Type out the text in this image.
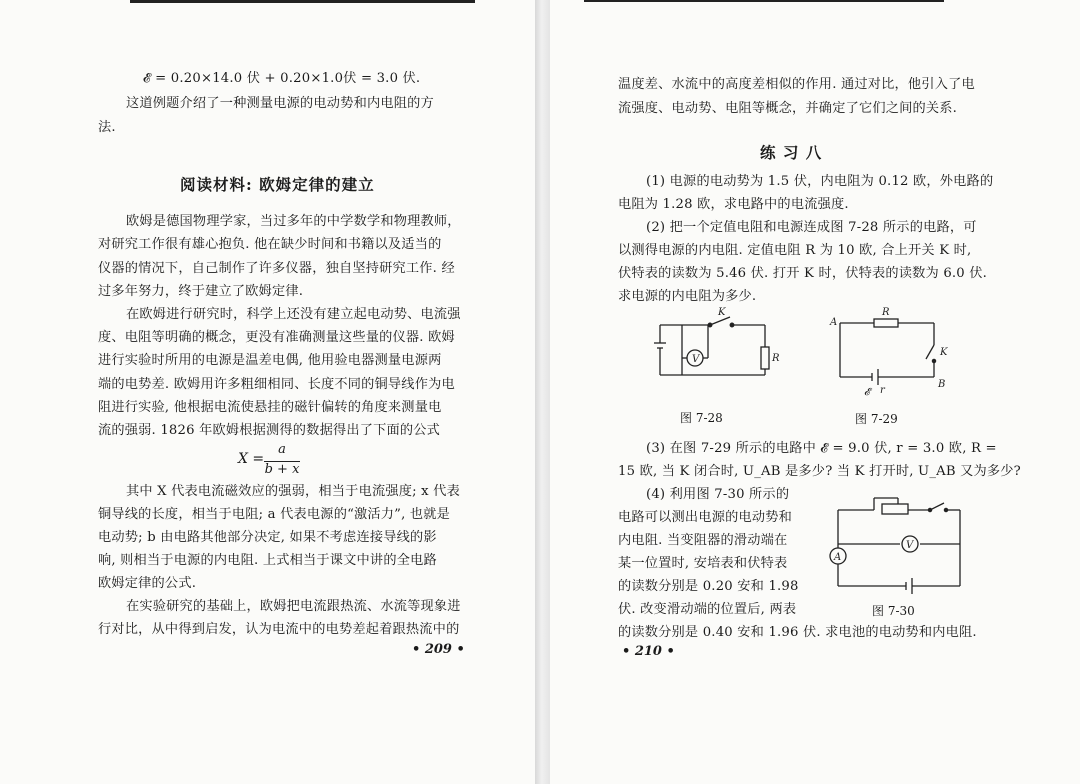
𝓔 = 0.20×14.0 伏 + 0.20×1.0伏 = 3.0 伏.
这道例题介绍了一种测量电源的电动势和内电阻的方
法.
阅读材料: 欧姆定律的建立
欧姆是德国物理学家，当过多年的中学数学和物理教师，
对研究工作很有雄心抱负. 他在缺少时间和书籍以及适当的
仪器的情况下，自己制作了许多仪器，独自坚持研究工作. 经
过多年努力，终于建立了欧姆定律.
在欧姆进行研究时，科学上还没有建立起电动势、电流强
度、电阻等明确的概念，更没有准确测量这些量的仪器. 欧姆
进行实验时所用的电源是温差电偶, 他用验电器测量电源两
端的电势差. 欧姆用许多粗细相同、长度不同的铜导线作为电
阻进行实验, 他根据电流使悬挂的磁针偏转的角度来测量电
流的强弱. 1826 年欧姆根据测得的数据得出了下面的公式
X =
a
b + x
其中 X 代表电流磁效应的强弱，相当于电流强度; x 代表
铜导线的长度，相当于电阻; a 代表电源的“激活力”, 也就是
电动势; b 由电路其他部分决定, 如果不考虑连接导线的影
响, 则相当于电源的内电阻. 上式相当于课文中讲的全电路
欧姆定律的公式.
在实验研究的基础上，欧姆把电流跟热流、水流等现象进
行对比，从中得到启发，认为电流中的电势差起着跟热流中的
• 209 •
温度差、水流中的高度差相似的作用. 通过对比，他引入了电
流强度、电动势、电阻等概念，并确定了它们之间的关系.
练 习 八
(1) 电源的电动势为 1.5 伏，内电阻为 0.12 欧，外电路的
电阻为 1.28 欧，求电路中的电流强度.
(2) 把一个定值电阻和电源连成图 7-28 所示的电路，可
以测得电源的内电阻. 定值电阻 R 为 10 欧, 合上开关 K 时,
伏特表的读数为 5.46 伏. 打开 K 时，伏特表的读数为 6.0 伏.
求电源的内电阻为多少.
V
K
R
图 7-28
R
K
A
B
𝓔	r
图 7-29
(3) 在图 7-29 所示的电路中 𝓔 = 9.0 伏, r = 3.0 欧, R =
15 欧, 当 K 闭合时, U_AB 是多少? 当 K 打开时, U_AB 又为多少?
(4) 利用图 7-30 所示的
电路可以测出电源的电动势和
内电阻. 当变阻器的滑动端在
某一位置时, 安培表和伏特表
的读数分别是 0.20 安和 1.98
伏. 改变滑动端的位置后, 两表
的读数分别是 0.40 安和 1.96 伏. 求电池的电动势和内电阻.
A
V
图 7-30
• 210 •
